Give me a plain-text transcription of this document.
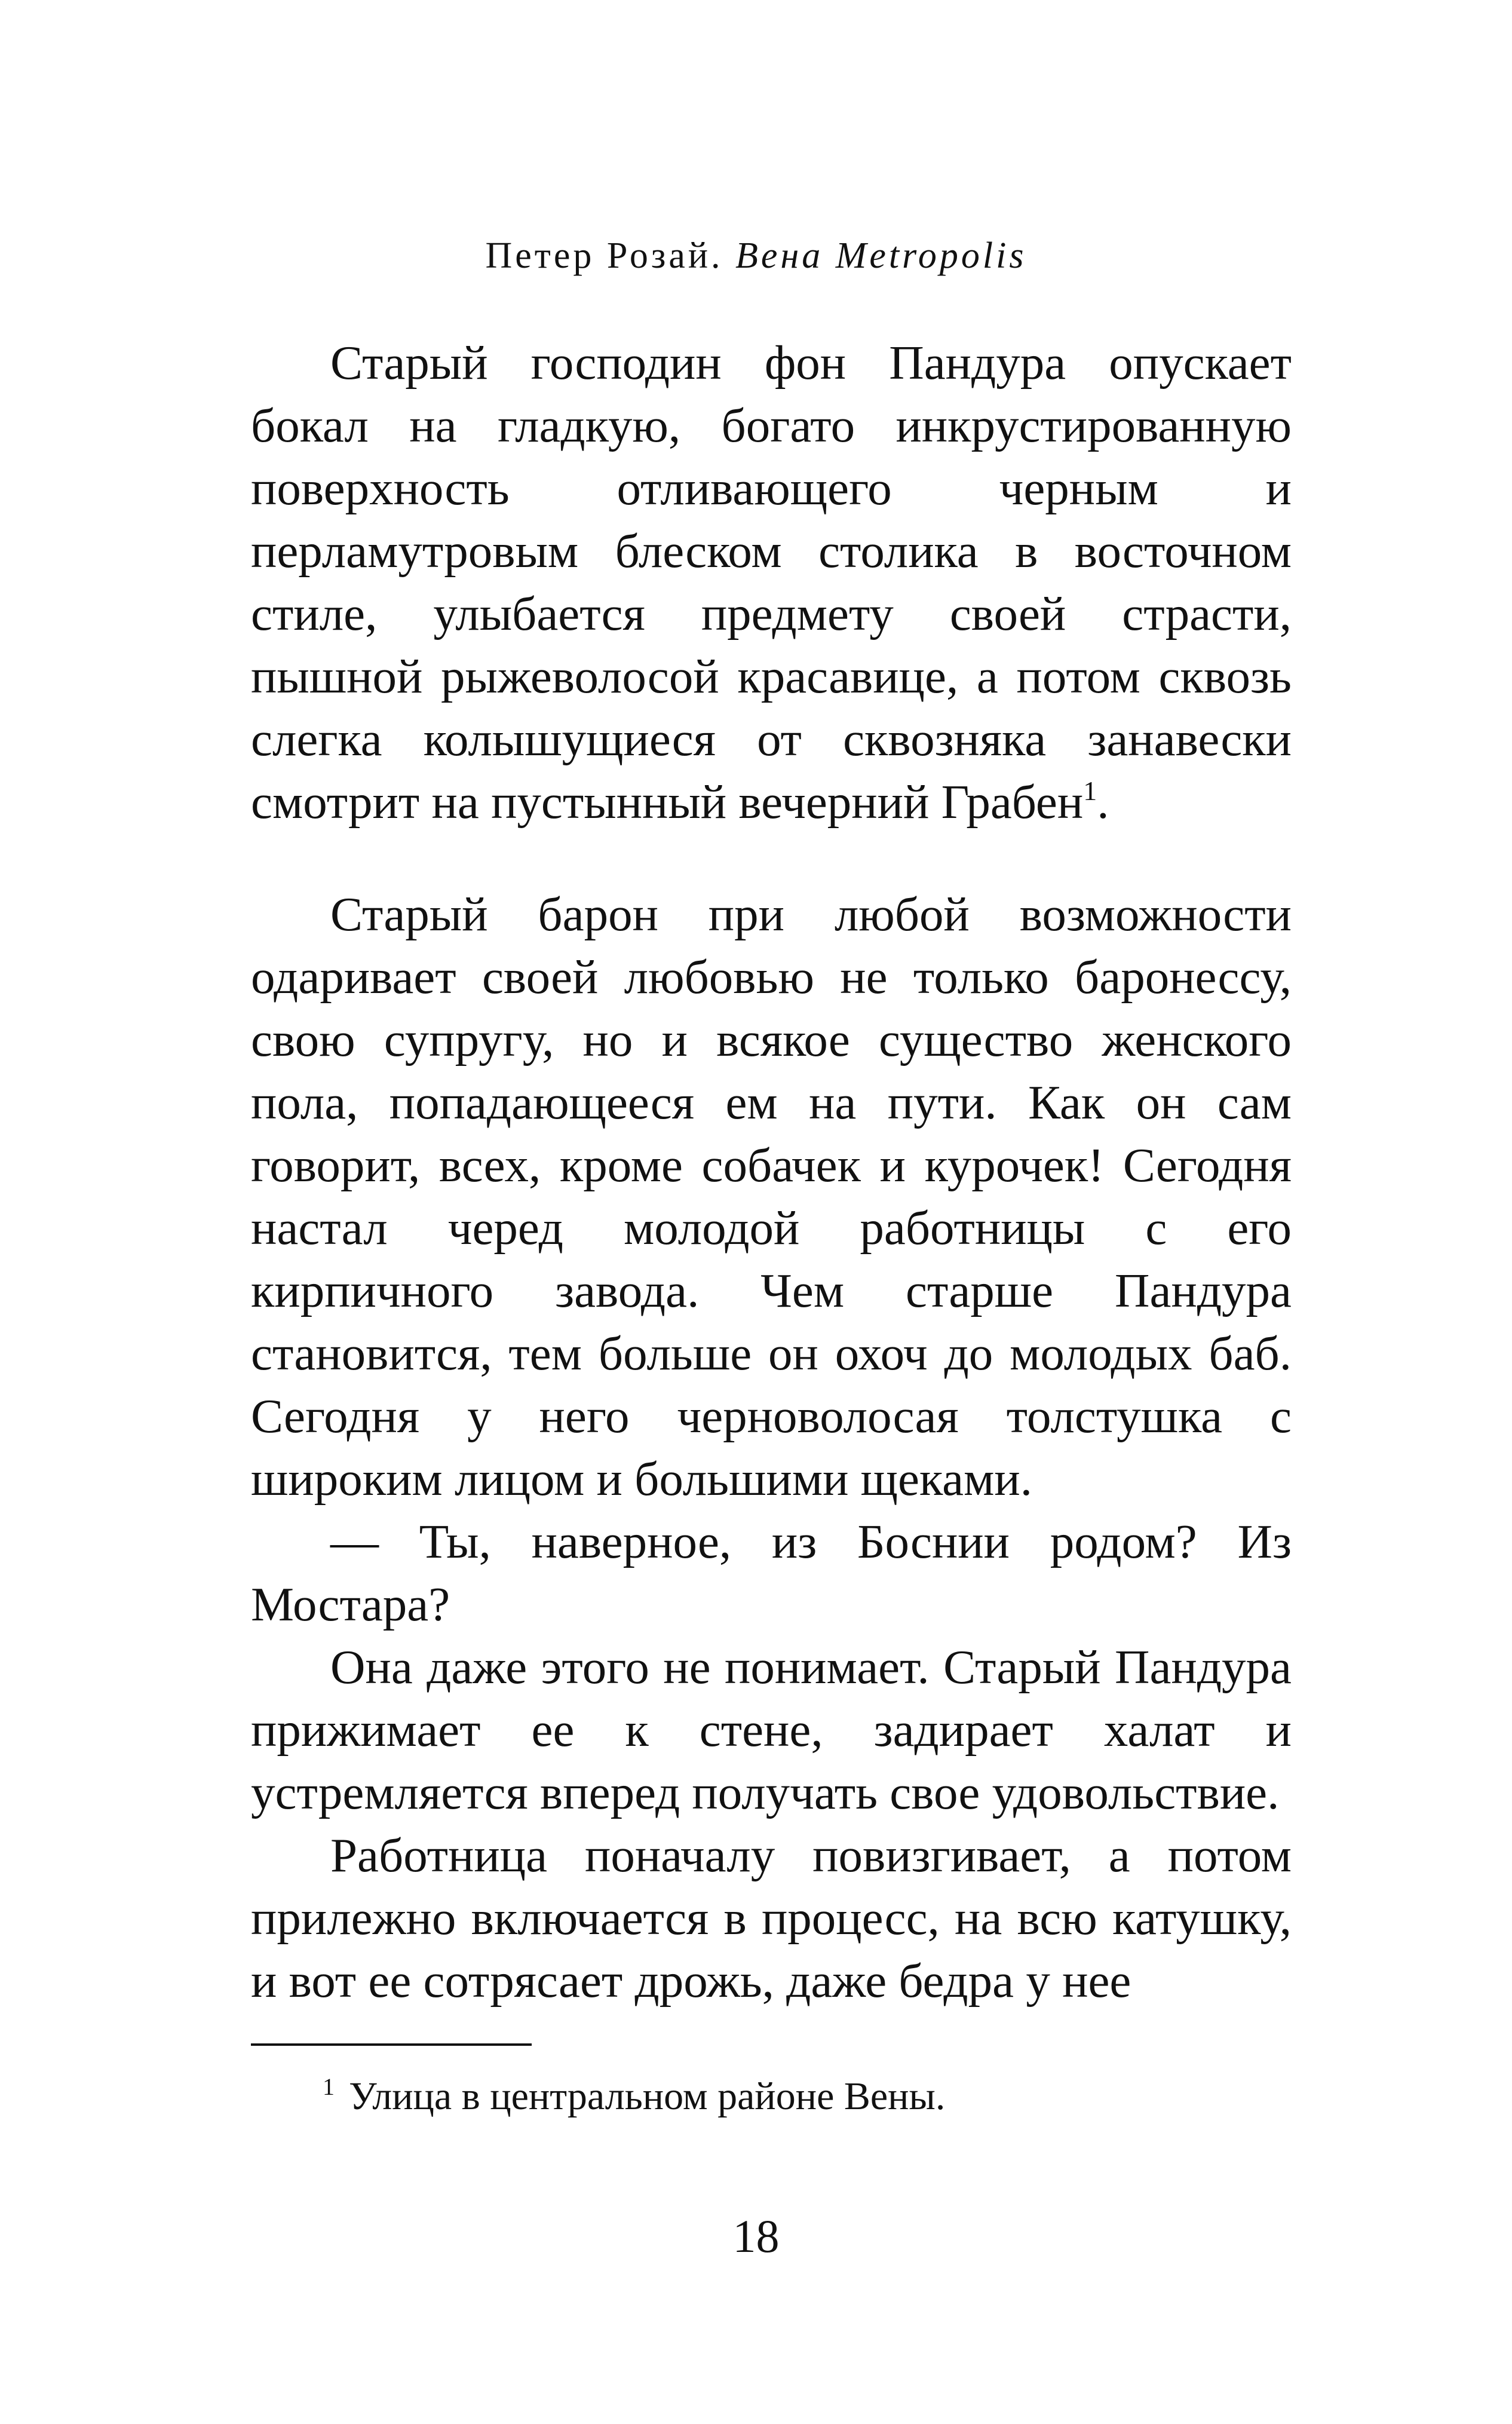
Петер Розай. Вена Metropolis

Старый господин фон Пандура опускает бокал на гладкую, богато инкрустированную поверхность отливающего черным и перламутровым блеском столика в восточном стиле, улыбается предмету своей страсти, пышной рыжеволосой красавице, а потом сквозь слегка колышущиеся от сквозняка занавески смотрит на пустынный вечерний Грабен$^1$.

Старый барон при любой возможности одаривает своей любовью не только баронессу, свою супругу, но и всякое существо женского пола, попадающееся ем на пути. Как он сам говорит, всех, кроме собачек и курочек! Сегодня настал черед молодой работницы с его кирпичного завода. Чем старше Пандура становится, тем больше он охоч до молодых баб. Сегодня у него черноволосая толстушка с широким лицом и большими щеками.

— Ты, наверное, из Боснии родом? Из Мостара?

Она даже этого не понимает. Старый Пандура прижимает ее к стене, задирает халат и устремляется вперед получать свое удовольствие.

Работница поначалу повизгивает, а потом прилежно включается в процесс, на всю катушку, и вот ее сотрясает дрожь, даже бедра у нее

$^1$ Улица в центральном районе Вены.
18
